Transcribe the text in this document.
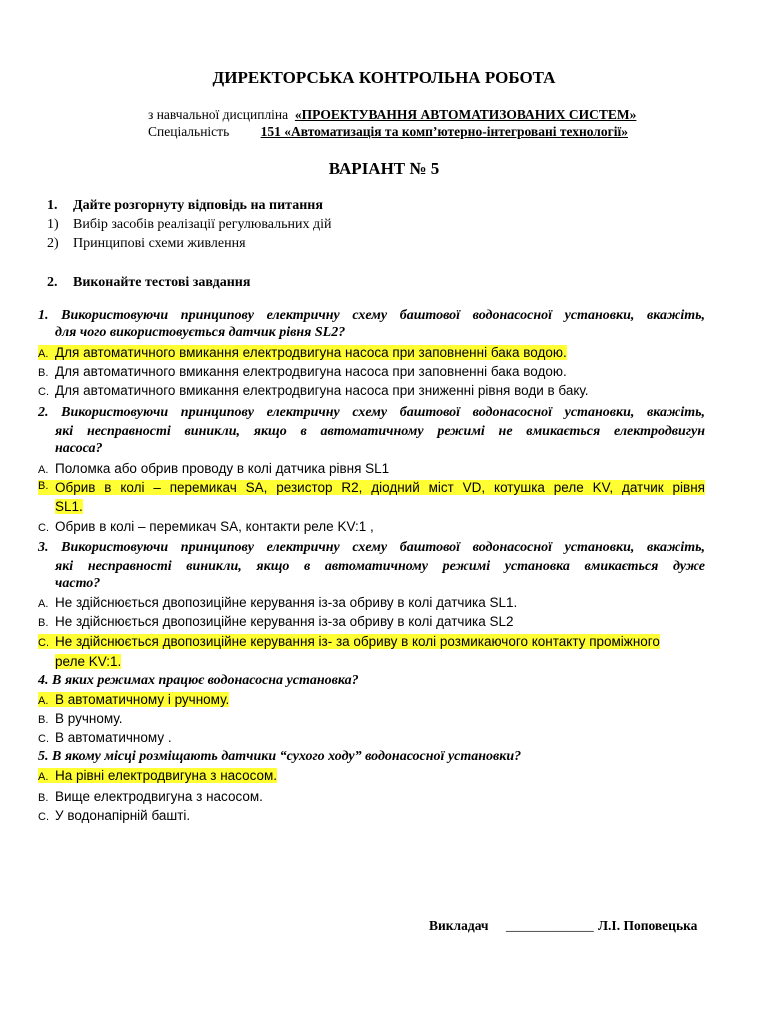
ДИРЕКТОРСЬКА КОНТРОЛЬНА РОБОТА
з навчальної дисципліна «ПРОЕКТУВАННЯ АВТОМАТИЗОВАНИХ СИСТЕМ»
Спеціальність 151 «Автоматизація та комп’ютерно-інтегровані технології»
ВАРІАНТ № 5
1. Дайте розгорнуту відповідь на питання
1) Вибір засобів реалізації регулювальних дій
2) Принципові схеми живлення
2. Виконайте тестові завдання
1. Використовуючи принципову електричну схему баштової водонасосної установки, вкажіть,
для чого використовується датчик рівня SL2?
A. Для автоматичного вмикання електродвигуна насоса при заповненні бака водою.
B. Для автоматичного вмикання електродвигуна насоса при заповненні бака водою.
C. Для автоматичного вмикання електродвигуна насоса при зниженні рівня води в баку.
2. Використовуючи принципову електричну схему баштової водонасосної установки, вкажіть,
які несправності виникли, якщо в автоматичному режимі не вмикається електродвигун
насоса?
A. Поломка або обрив проводу в колі датчика рівня SL1
B. Обрив в колі – перемикач SA, резистор R2, діодний міст VD, котушка реле KV, датчик рівня
SL1.
C. Обрив в колі – перемикач SA, контакти реле KV:1 ,
3. Використовуючи принципову електричну схему баштової водонасосної установки, вкажіть,
які несправності виникли, якщо в автоматичному режимі установка вмикається дуже
часто?
A. Не здійснюється двопозиційне керування із-за обриву в колі датчика SL1.
B. Не здійснюється двопозиційне керування із-за обриву в колі датчика SL2
C. Не здійснюється двопозиційне керування із- за обриву в колі розмикаючого контакту проміжного
реле KV:1.
4. В яких режимах працює водонасосна установка?
A. В автоматичному і ручному.
B. В ручному.
C. В автоматичному .
5. В якому місці розміщають датчики “сухого ходу” водонасосної установки?
A. На рівні електродвигуна з насосом.
B. Вище електродвигуна з насосом.
C. У водонапірній башті.
Викладач _____________ Л.І. Поповецька
